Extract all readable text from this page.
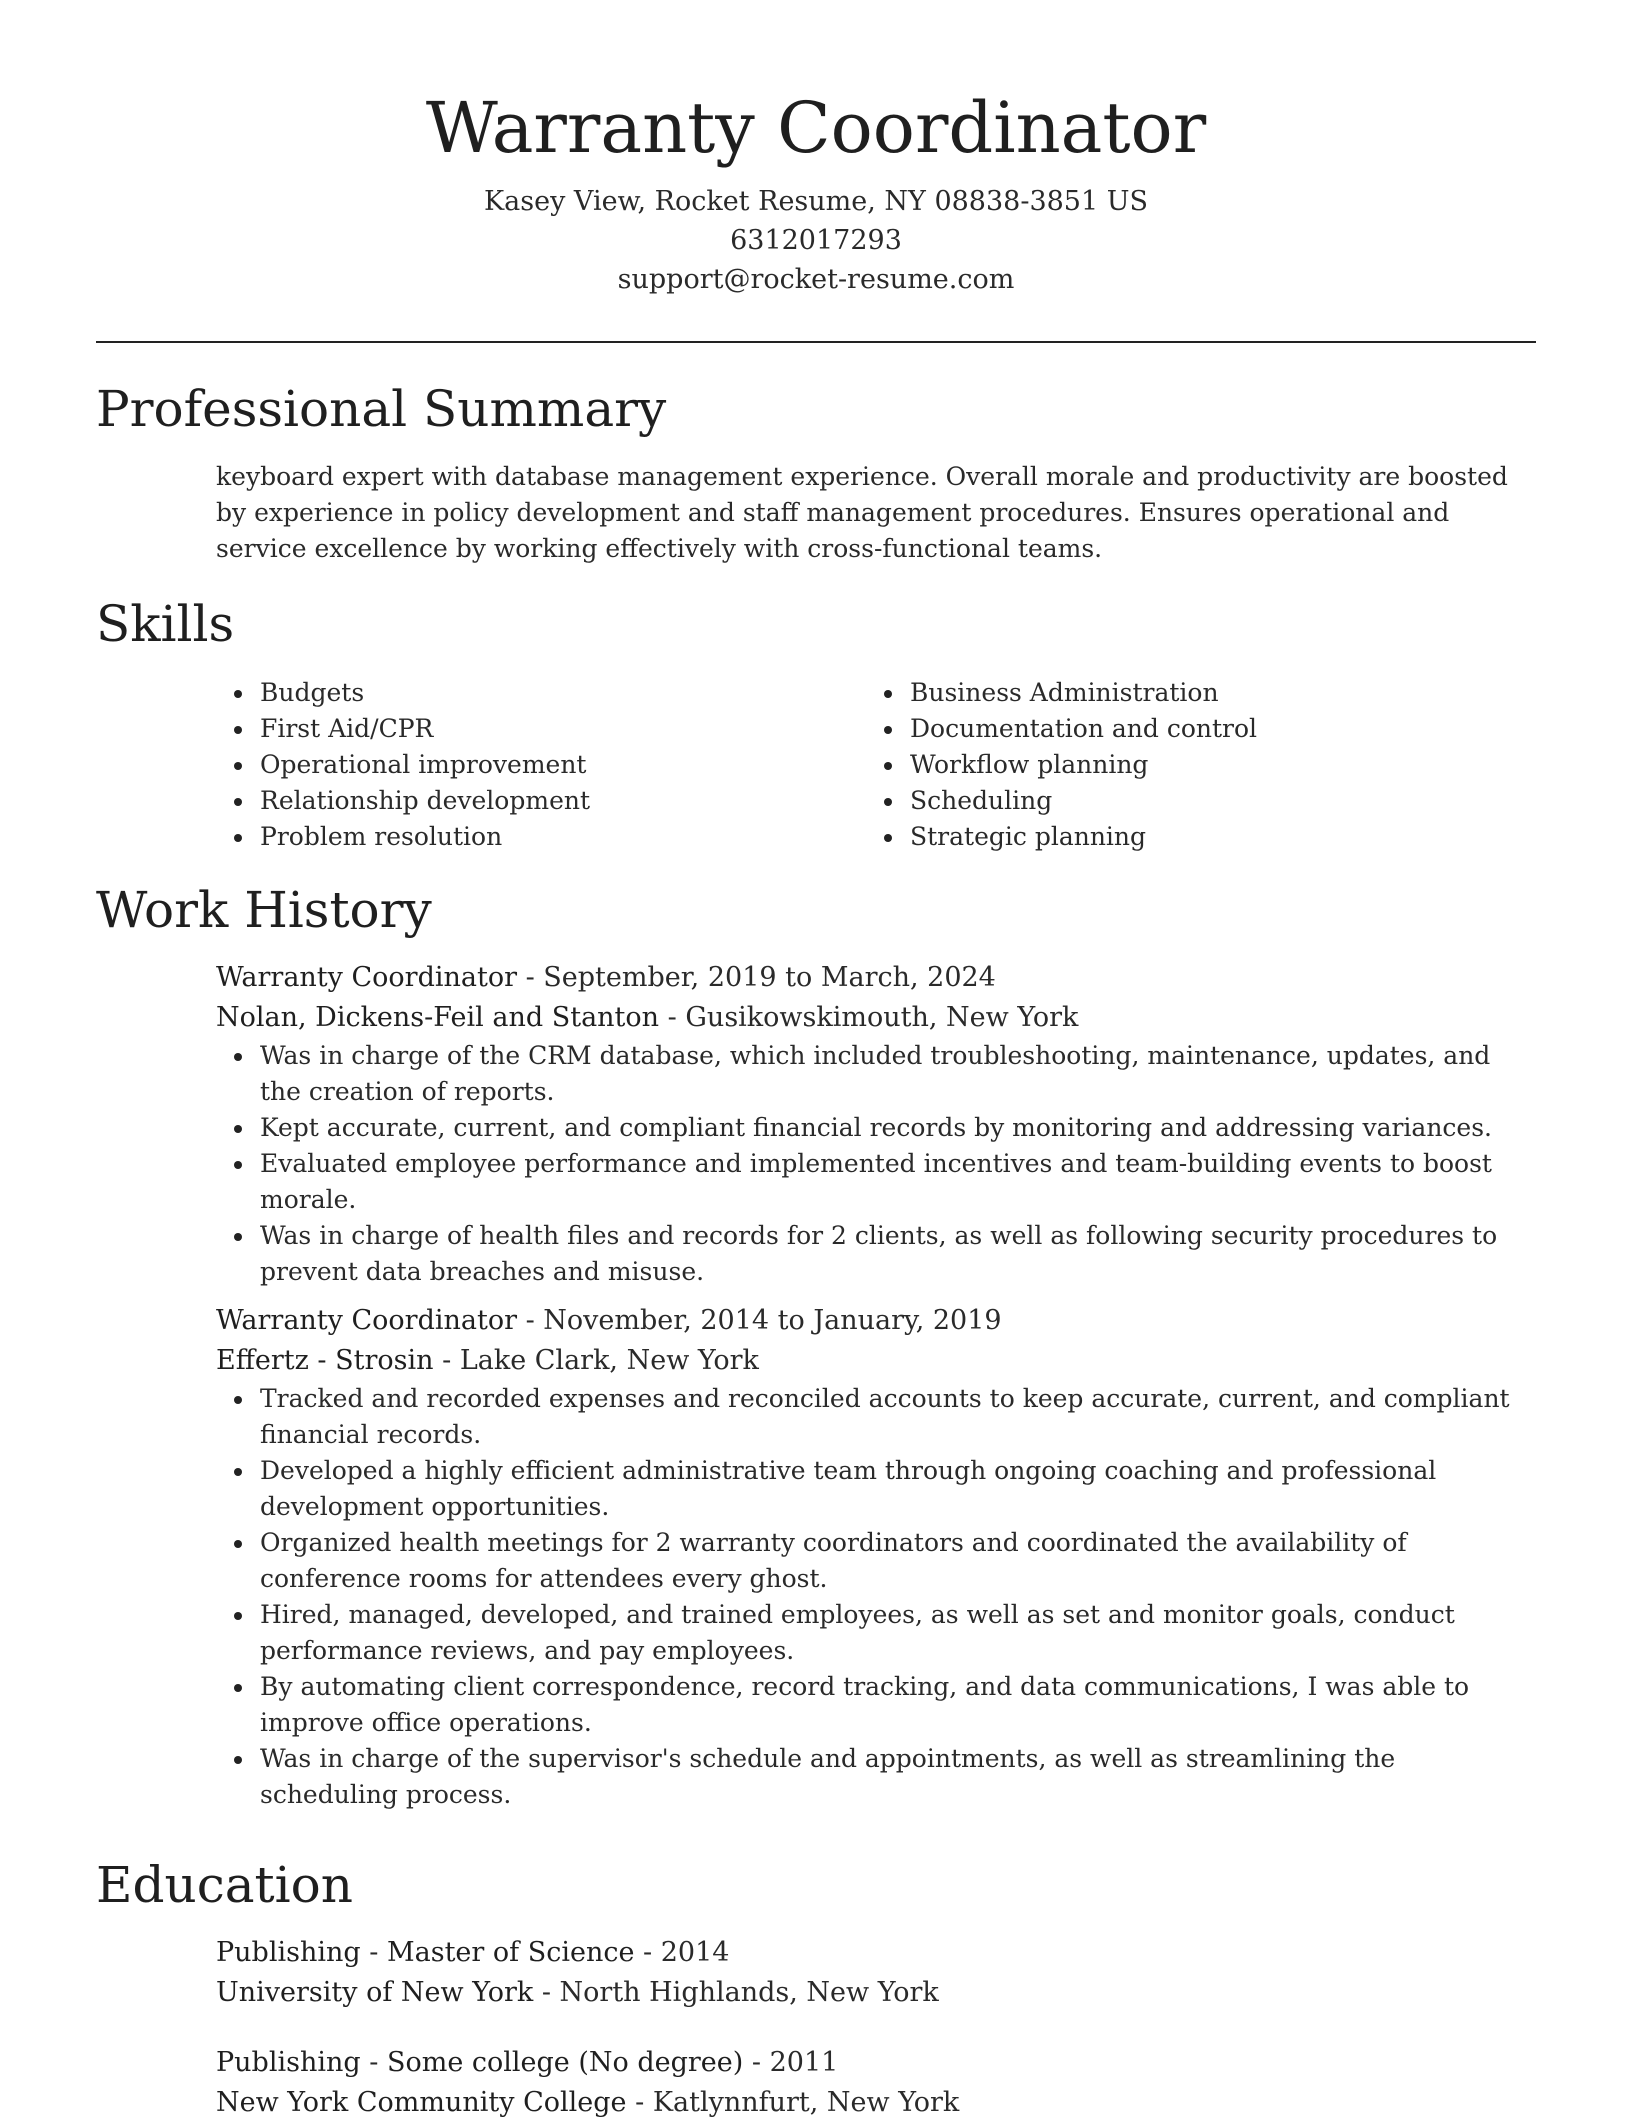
Warranty Coordinator
Kasey View, Rocket Resume, NY 08838-3851 US
6312017293
support@rocket-resume.com
Professional Summary

keyboard expert with database management experience. Overall morale and productivity are boosted by experience in policy development and staff management procedures. Ensures operational and service excellence by working effectively with cross-functional teams.

Skills
Budgets
First Aid/CPR
Operational improvement
Relationship development
Problem resolution
Business Administration
Documentation and control
Workflow planning
Scheduling
Strategic planning
Work History

Warranty Coordinator - September, 2019 to March, 2024

Nolan, Dickens-Feil and Stanton - Gusikowskimouth, New York

Was in charge of the CRM database, which included troubleshooting, maintenance, updates, and the creation of reports.
Kept accurate, current, and compliant financial records by monitoring and addressing variances.
Evaluated employee performance and implemented incentives and team-building events to boost morale.
Was in charge of health files and records for 2 clients, as well as following security procedures to prevent data breaches and misuse.

Warranty Coordinator - November, 2014 to January, 2019

Effertz - Strosin - Lake Clark, New York

Tracked and recorded expenses and reconciled accounts to keep accurate, current, and compliant financial records.
Developed a highly efficient administrative team through ongoing coaching and professional development opportunities.
Organized health meetings for 2 warranty coordinators and coordinated the availability of conference rooms for attendees every ghost.
Hired, managed, developed, and trained employees, as well as set and monitor goals, conduct performance reviews, and pay employees.
By automating client correspondence, record tracking, and data communications, I was able to improve office operations.
Was in charge of the supervisor's schedule and appointments, as well as streamlining the scheduling process.
Education

Publishing - Master of Science - 2014

University of New York - North Highlands, New York

Publishing - Some college (No degree) - 2011

New York Community College - Katlynnfurt, New York
